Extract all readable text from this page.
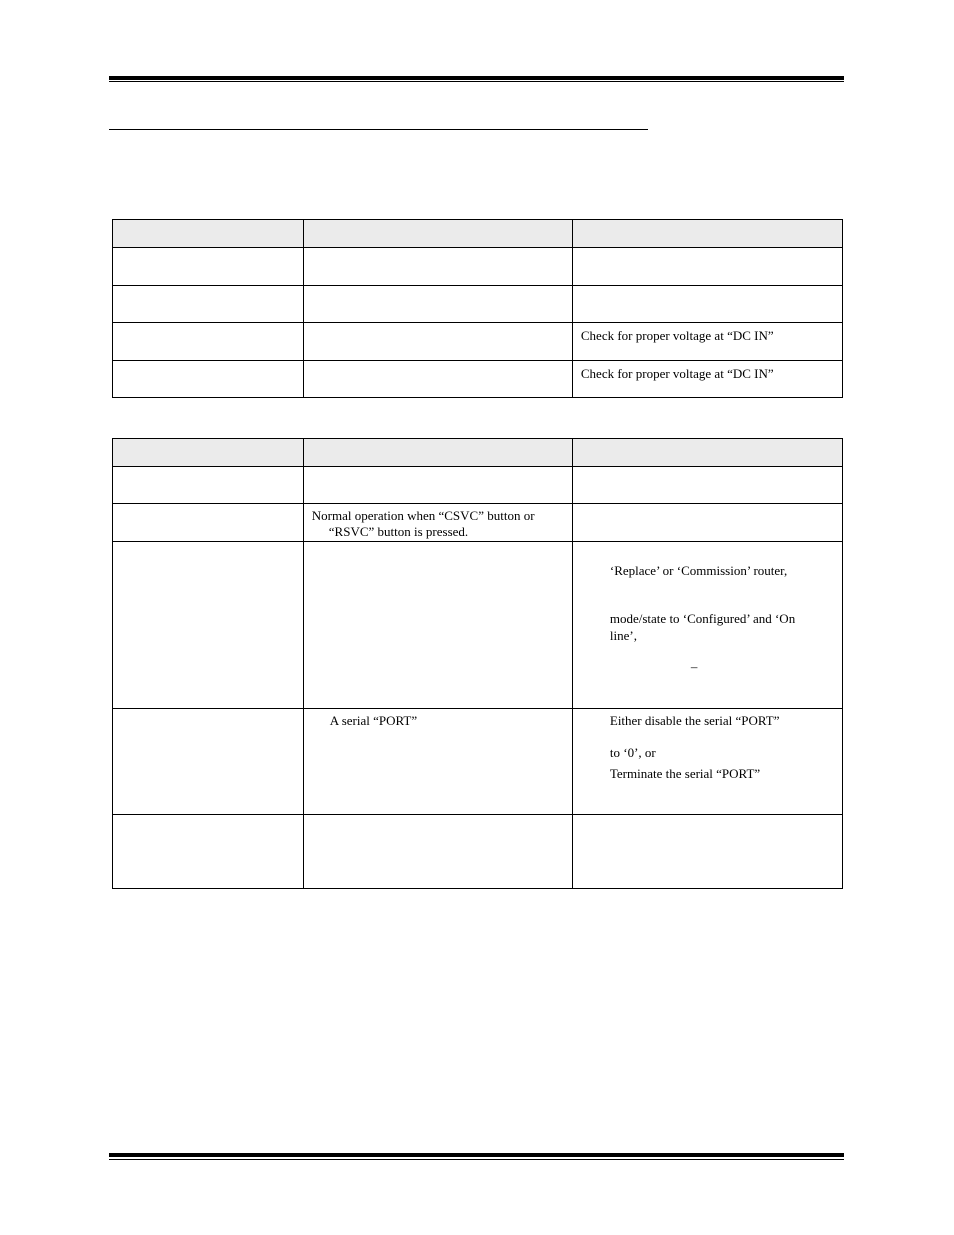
		Check for proper voltage at “DC IN”

		Check for proper voltage at “DC IN”

	Normal operation when “CSVC” button or “RSVC” button is pressed.	

		‘Replace’ or ‘Commission’ router,
mode/state to ‘Configured’ and ‘On
line’,
–

	A serial “PORT”	Either disable the serial “PORT”
to ‘0’, or
Terminate the serial “PORT”
